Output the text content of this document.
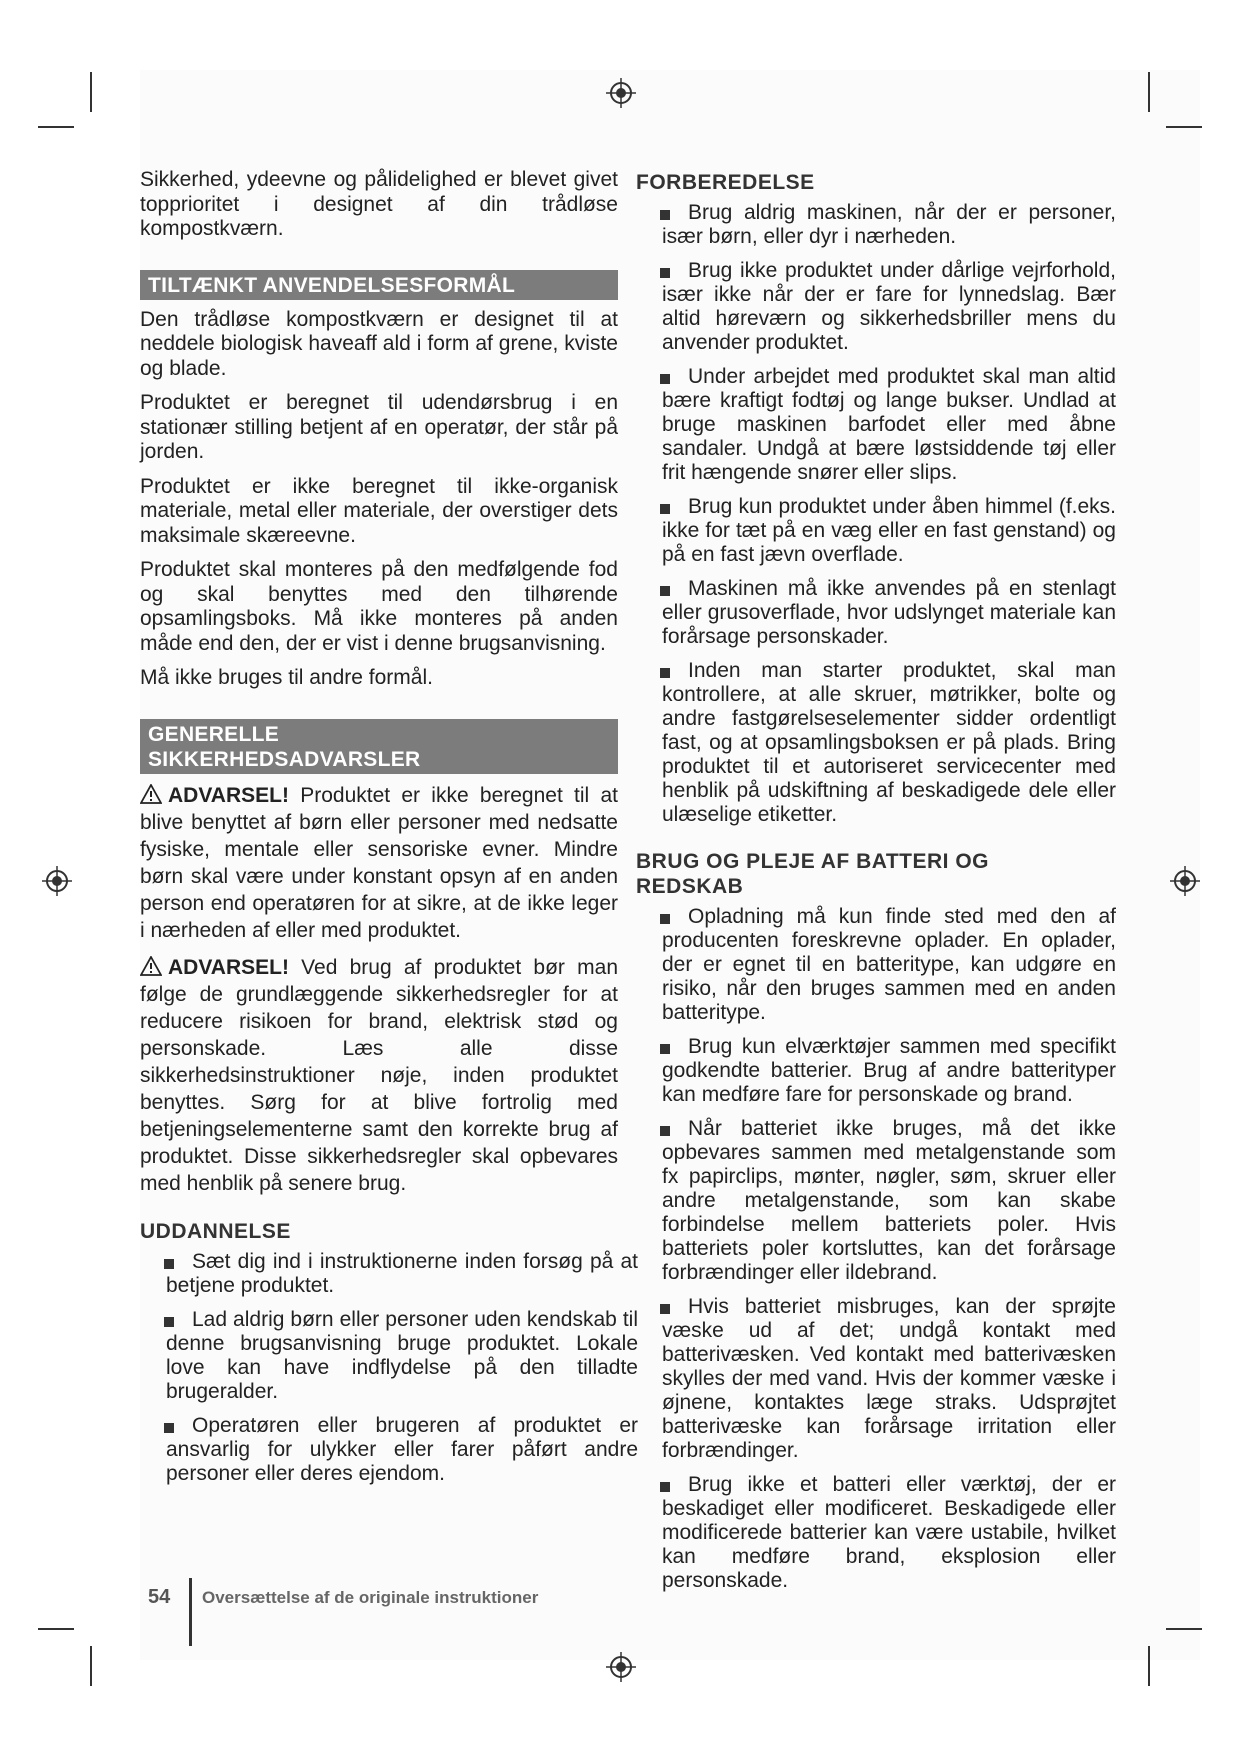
Sikkerhed, ydeevne og pålidelighed er blevet givet topprioritet i designet af din trådløse kompostkværn.

TILTÆNKT ANVENDELSESFORMÅL

Den trådløse kompostkværn er designet til at neddele biologisk haveaff ald i form af grene, kviste og blade.

Produktet er beregnet til udendørsbrug i en stationær stilling betjent af en operatør, der står på jorden.

Produktet er ikke beregnet til ikke-organisk materiale, metal eller materiale, der overstiger dets maksimale skæreevne.

Produktet skal monteres på den medfølgende fod og skal benyttes med den tilhørende opsamlingsboks. Må ikke monteres på anden måde end den, der er vist i denne brugsanvisning.

Må ikke bruges til andre formål.

GENERELLE
SIKKERHEDSADVARSLER

ADVARSEL! Produktet er ikke beregnet til at blive benyttet af børn eller personer med nedsatte fysiske, mentale eller sensoriske evner. Mindre børn skal være under konstant opsyn af en anden person end operatøren for at sikre, at de ikke leger i nærheden af eller med produktet.

ADVARSEL! Ved brug af produktet bør man følge de grundlæggende sikkerhedsregler for at reducere risikoen for brand, elektrisk stød og personskade. Læs alle disse sikkerhedsinstruktioner nøje, inden produktet benyttes. Sørg for at blive fortrolig med betjeningselementerne samt den korrekte brug af produktet. Disse sikkerhedsregler skal opbevares med henblik på senere brug.

UDDANNELSE
Sæt dig ind i instruktionerne inden forsøg på at betjene produktet.
Lad aldrig børn eller personer uden kendskab til denne brugsanvisning bruge produktet. Lokale love kan have indflydelse på den tilladte brugeralder.
Operatøren eller brugeren af produktet er ansvarlig for ulykker eller farer påført andre personer eller deres ejendom.
FORBEREDELSE
Brug aldrig maskinen, når der er personer, især børn, eller dyr i nærheden.
Brug ikke produktet under dårlige vejrforhold, især ikke når der er fare for lynnedslag. Bær altid høreværn og sikkerhedsbriller mens du anvender produktet.
Under arbejdet med produktet skal man altid bære kraftigt fodtøj og lange bukser. Undlad at bruge maskinen barfodet eller med åbne sandaler. Undgå at bære løstsiddende tøj eller frit hængende snører eller slips.
Brug kun produktet under åben himmel (f.eks. ikke for tæt på en væg eller en fast genstand) og på en fast jævn overflade.
Maskinen må ikke anvendes på en stenlagt eller grusoverflade, hvor udslynget materiale kan forårsage personskader.
Inden man starter produktet, skal man kontrollere, at alle skruer, møtrikker, bolte og andre fastgørelseselementer sidder ordentligt fast, og at opsamlingsboksen er på plads. Bring produktet til et autoriseret servicecenter med henblik på udskiftning af beskadigede dele eller ulæselige etiketter.
BRUG OG PLEJE AF BATTERI OG
REDSKAB
Opladning må kun finde sted med den af producenten foreskrevne oplader. En oplader, der er egnet til en batteritype, kan udgøre en risiko, når den bruges sammen med en anden batteritype.
Brug kun elværktøjer sammen med specifikt godkendte batterier. Brug af andre batterityper kan medføre fare for personskade og brand.
Når batteriet ikke bruges, må det ikke opbevares sammen med metalgenstande som fx papirclips, mønter, nøgler, søm, skruer eller andre metalgenstande, som kan skabe forbindelse mellem batteriets poler. Hvis batteriets poler kortsluttes, kan det forårsage forbrændinger eller ildebrand.
Hvis batteriet misbruges, kan der sprøjte væske ud af det; undgå kontakt med batterivæsken. Ved kontakt med batterivæsken skylles der med vand. Hvis der kommer væske i øjnene, kontaktes læge straks. Udsprøjtet batterivæske kan forårsage irritation eller forbrændinger.
Brug ikke et batteri eller værktøj, der er beskadiget eller modificeret. Beskadigede eller modificerede batterier kan være ustabile, hvilket kan medføre brand, eksplosion eller personskade.
54 Oversættelse af de originale instruktioner
